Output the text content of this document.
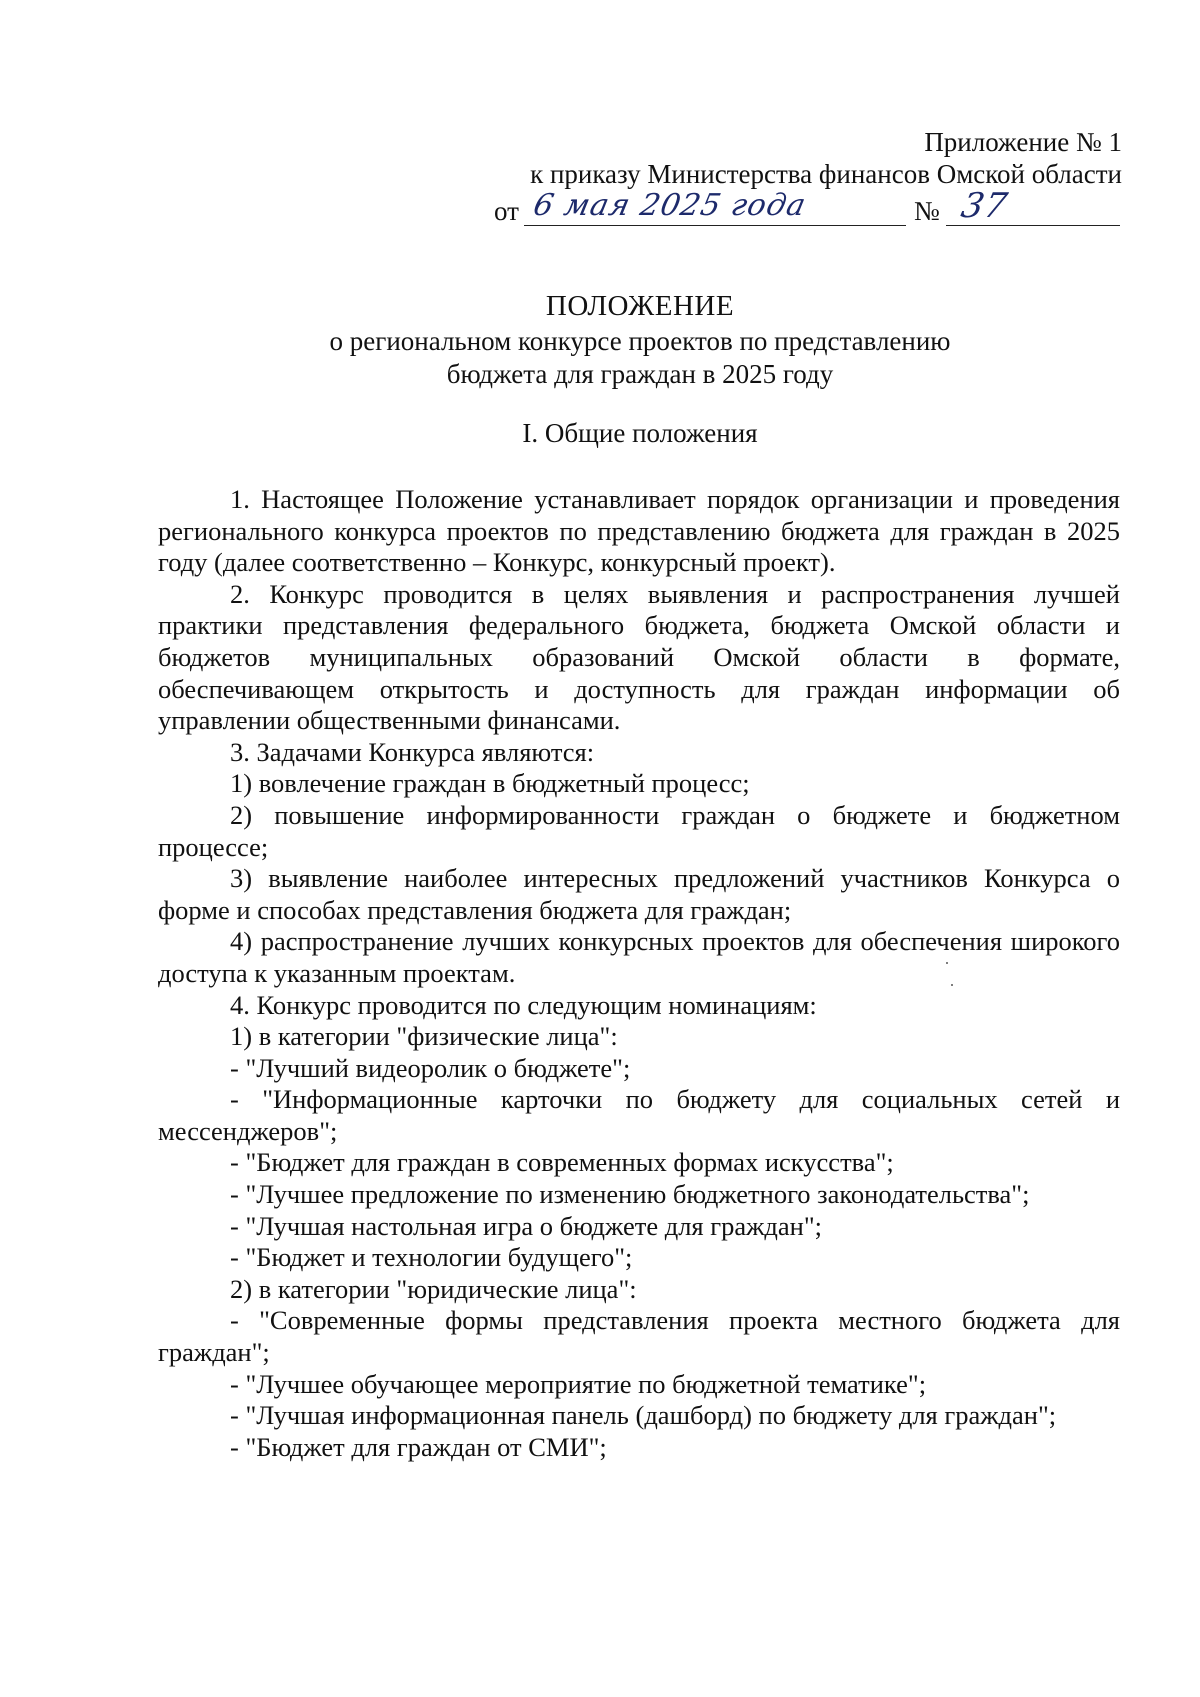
Приложение № 1
к приказу Министерства финансов Омской области
от 6 мая 2025 года	№ 37
ПОЛОЖЕНИЕ
о региональном конкурсе проектов по представлению
бюджета для граждан в 2025 году
I. Общие положения

1. Настоящее Положение устанавливает порядок организации и проведения регионального конкурса проектов по представлению бюджета для граждан в 2025 году (далее соответственно – Конкурс, конкурсный проект).

2. Конкурс проводится в целях выявления и распространения лучшей практики представления федерального бюджета, бюджета Омской области и бюджетов муниципальных образований Омской области в формате, обеспечивающем открытость и доступность для граждан информации об управлении общественными финансами.

3. Задачами Конкурса являются:

1) вовлечение граждан в бюджетный процесс;

2) повышение информированности граждан о бюджете и бюджетном процессе;

3) выявление наиболее интересных предложений участников Конкурса о форме и способах представления бюджета для граждан;

4) распространение лучших конкурсных проектов для обеспечения широкого доступа к указанным проектам.

4. Конкурс проводится по следующим номинациям:

1) в категории "физические лица":

- "Лучший видеоролик о бюджете";

- "Информационные карточки по бюджету для социальных сетей и мессенджеров";

- "Бюджет для граждан в современных формах искусства";

- "Лучшее предложение по изменению бюджетного законодательства";

- "Лучшая настольная игра о бюджете для граждан";

- "Бюджет и технологии будущего";

2) в категории "юридические лица":

- "Современные формы представления проекта местного бюджета для граждан";

- "Лучшее обучающее мероприятие по бюджетной тематике";

- "Лучшая информационная панель (дашборд) по бюджету для граждан";

- "Бюджет для граждан от СМИ";
